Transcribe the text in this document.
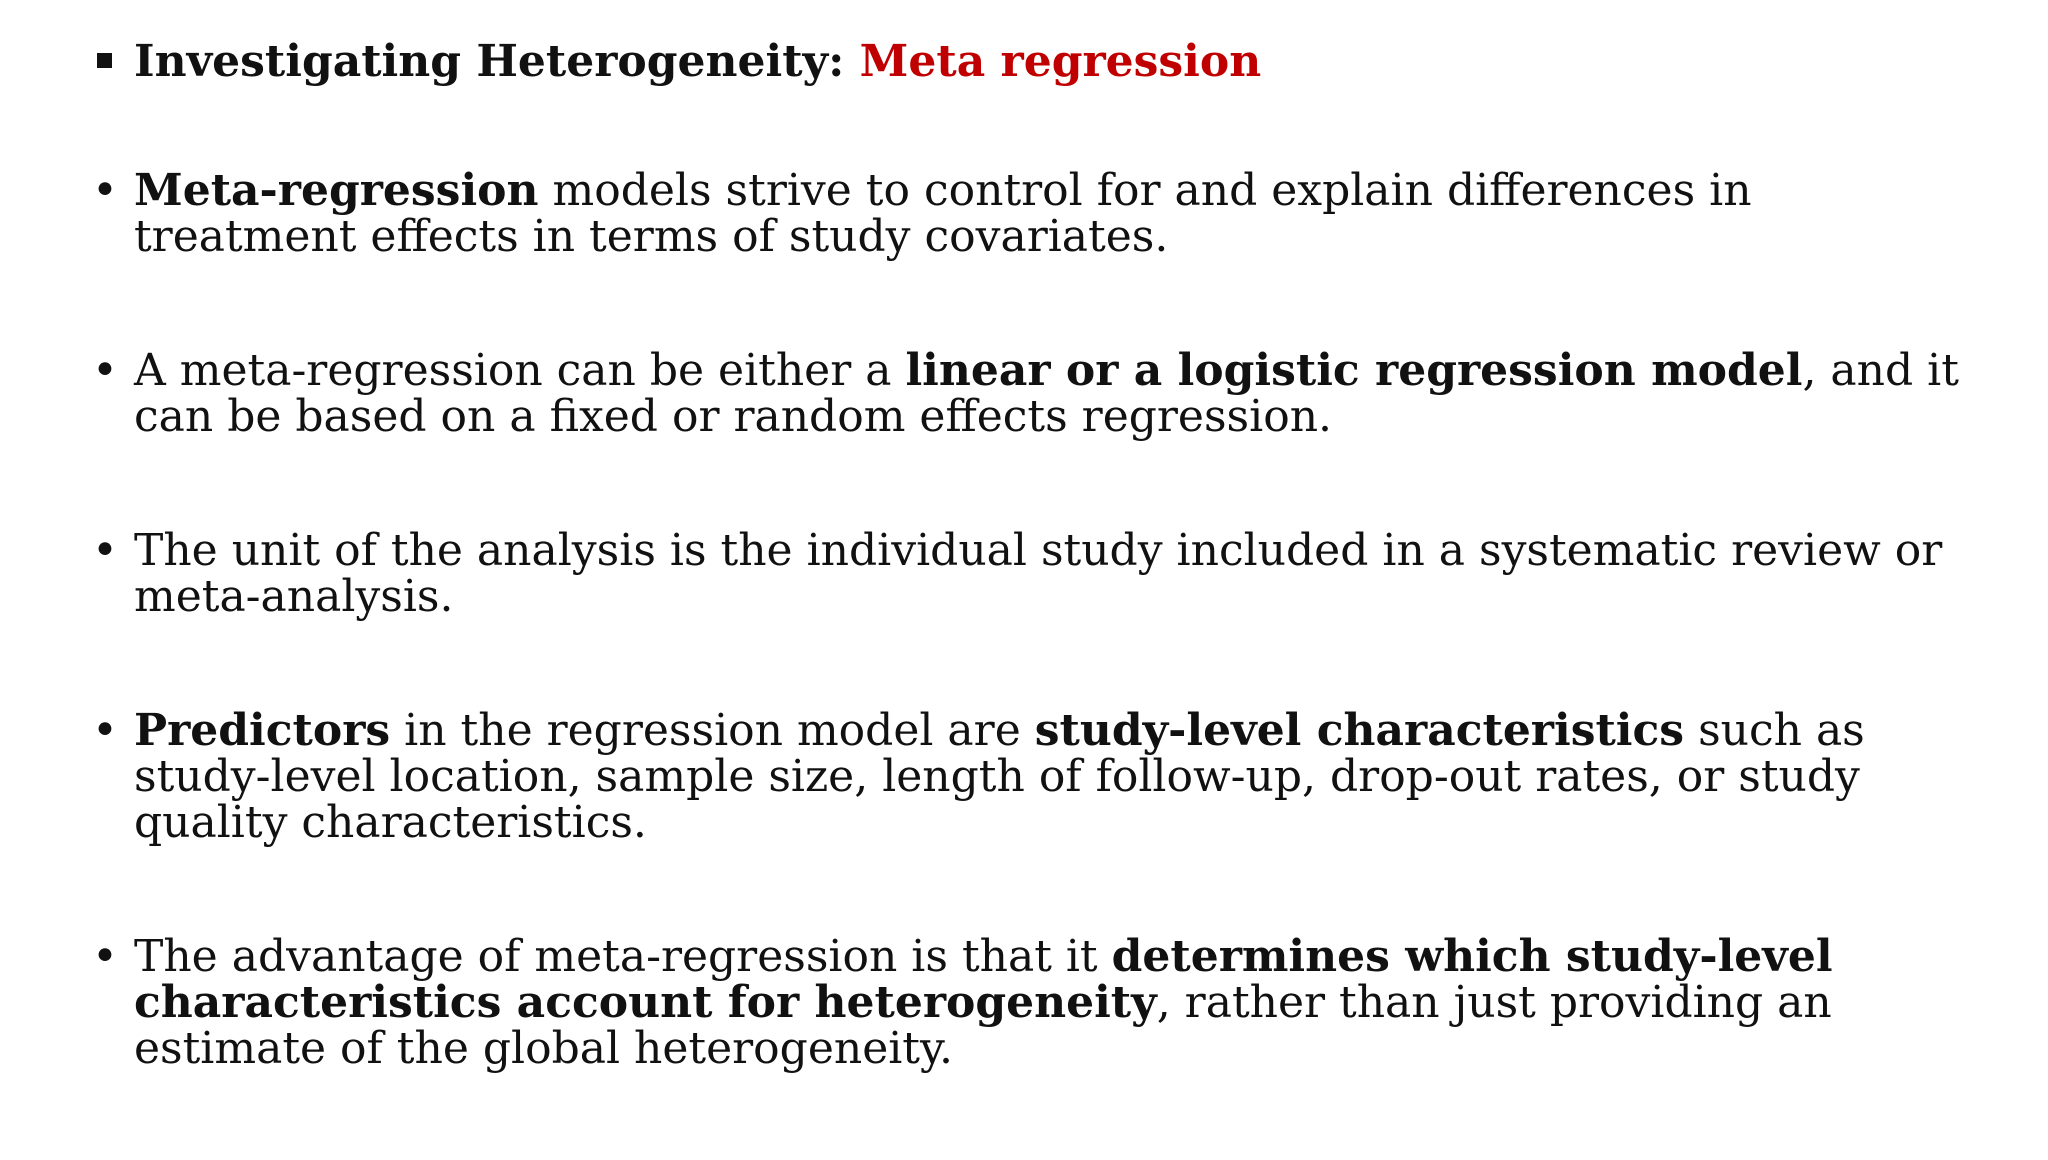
Investigating Heterogeneity:
Meta regression
• Meta-regression models strive to control for and explain differences in treatment effects in terms of study covariates.
• A meta-regression can be either a linear or a logistic regression model, and it can be based on a fixed or random effects regression.
• The unit of the analysis is the individual study included in a systematic review or meta-analysis.
• Predictors in the regression model are study-level characteristics such as study-level location, sample size, length of follow-up, drop-out rates, or study quality characteristics.
• The advantage of meta-regression is that it determines which study-level characteristics account for heterogeneity, rather than just providing an estimate of the global heterogeneity.
